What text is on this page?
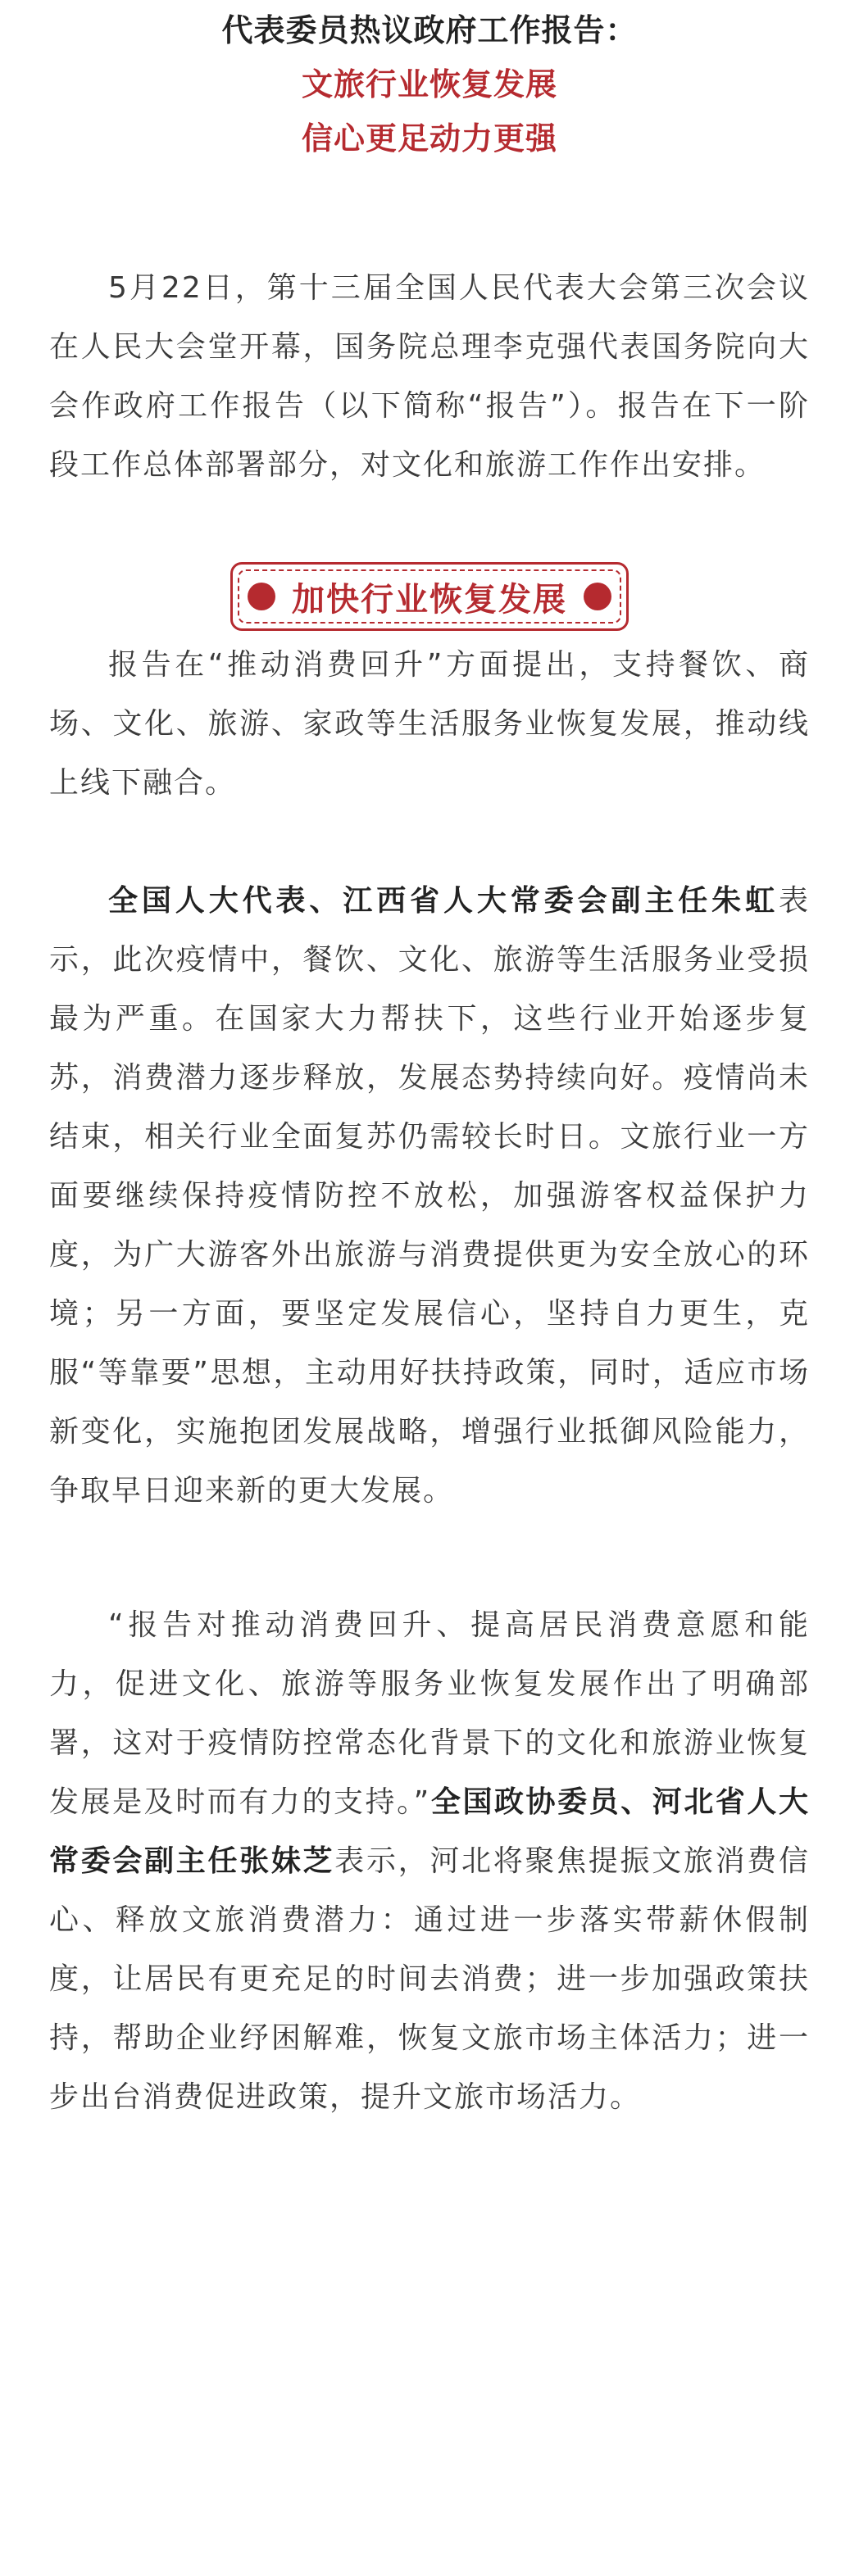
代表委员热议政府工作报告：
文旅行业恢复发展
信心更足动力更强

5月22日，第十三届全国人民代表大会第三次会议在人民大会堂开幕，国务院总理李克强代表国务院向大会作政府工作报告（以下简称“报告”）。报告在下一阶段工作总体部署部分，对文化和旅游工作作出安排。

加快行业恢复发展

报告在“推动消费回升”方面提出，支持餐饮、商场、文化、旅游、家政等生活服务业恢复发展，推动线上线下融合。

全国人大代表、江西省人大常委会副主任朱虹表示，此次疫情中，餐饮、文化、旅游等生活服务业受损最为严重。在国家大力帮扶下，这些行业开始逐步复苏，消费潜力逐步释放，发展态势持续向好。疫情尚未结束，相关行业全面复苏仍需较长时日。文旅行业一方面要继续保持疫情防控不放松，加强游客权益保护力度，为广大游客外出旅游与消费提供更为安全放心的环境；另一方面，要坚定发展信心，坚持自力更生，克服“等靠要”思想，主动用好扶持政策，同时，适应市场新变化，实施抱团发展战略，增强行业抵御风险能力，争取早日迎来新的更大发展。

“报告对推动消费回升、提高居民消费意愿和能力，促进文化、旅游等服务业恢复发展作出了明确部署，这对于疫情防控常态化背景下的文化和旅游业恢复发展是及时而有力的支持。”全国政协委员、河北省人大常委会副主任张妹芝表示，河北将聚焦提振文旅消费信心、释放文旅消费潜力：通过进一步落实带薪休假制度，让居民有更充足的时间去消费；进一步加强政策扶持，帮助企业纾困解难，恢复文旅市场主体活力；进一步出台消费促进政策，提升文旅市场活力。
